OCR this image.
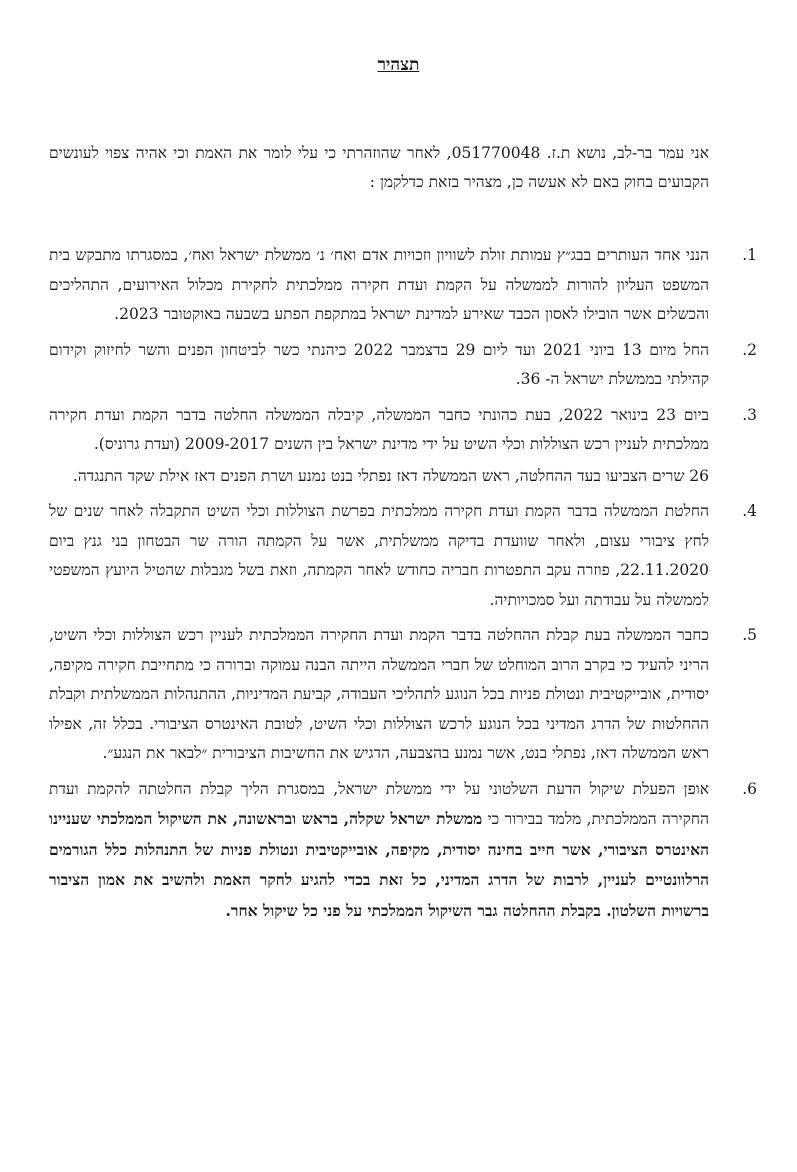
תצהיר
אני עמר בר-לב, נושא ת.ז. 051770048, לאחר שהוזהרתי כי עלי לומר את האמת וכי אהיה צפוי לעונשים הקבועים בחוק באם לא אעשה כן, מצהיר בזאת כדלקמן :
.1
הנני אחד העותרים בבג״ץ עמותת זולת לשוויון וזכויות אדם ואח׳ נ׳ ממשלת ישראל ואח׳, במסגרתו מתבקש בית המשפט העליון להורות לממשלה על הקמת ועדת חקירה ממלכתית לחקירת מכלול האירועים, התהליכים והכשלים אשר הובילו לאסון הכבד שאירע למדינת ישראל במתקפת הפתע בשבעה באוקטובר 2023.
.2
החל מיום 13 ביוני 2021 ועד ליום 29 בדצמבר 2022 כיהנתי כשר לביטחון הפנים והשר לחיזוק וקידום קהילתי בממשלת ישראל ה- 36.
.3
ביום 23 בינואר 2022, בעת כהונתי כחבר הממשלה, קיבלה הממשלה החלטה בדבר הקמת ועדת חקירה ממלכתית לעניין רכש הצוללות וכלי השיט על ידי מדינת ישראל בין השנים 2009-2017 (ועדת גרוניס).
26 שרים הצביעו בעד ההחלטה, ראש הממשלה דאז נפתלי בנט נמנע ושרת הפנים דאז אילת שקד התנגדה.
.4
החלטת הממשלה בדבר הקמת ועדת חקירה ממלכתית בפרשת הצוללות וכלי השיט התקבלה לאחר שנים של לחץ ציבורי עצום, ולאחר שוועדת בדיקה ממשלתית, אשר על הקמתה הורה שר הבטחון בני גנץ ביום 22.11.2020, פוזרה עקב התפטרות חבריה כחודש לאחר הקמתה, וזאת בשל מגבלות שהטיל היועץ המשפטי לממשלה על עבודתה ועל סמכויותיה.
.5
כחבר הממשלה בעת קבלת ההחלטה בדבר הקמת ועדת החקירה הממלכתית לעניין רכש הצוללות וכלי השיט, הריני להעיד כי בקרב הרוב המוחלט של חברי הממשלה הייתה הבנה עמוקה וברורה כי מתחייבת חקירה מקיפה, יסודית, אובייקטיבית ונטולת פניות בכל הנוגע לתהליכי העבודה, קביעת המדיניות, ההתנהלות הממשלתית וקבלת ההחלטות של הדרג המדיני בכל הנוגע לרכש הצוללות וכלי השיט, לטובת האינטרס הציבורי. בכלל זה, אפילו ראש הממשלה דאז, נפתלי בנט, אשר נמנע בהצבעה, הדגיש את החשיבות הציבורית ״לבאר את הנגע״.
.6
אופן הפעלת שיקול הדעת השלטוני על ידי ממשלת ישראל, במסגרת הליך קבלת החלטתה להקמת ועדת החקירה הממלכתית, מלמד בבירור כי ממשלת ישראל שקלה, בראש ובראשונה, את השיקול הממלכתי שעניינו האינטרס הציבורי, אשר חייב בחינה יסודית, מקיפה, אובייקטיבית ונטולת פניות של התנהלות כלל הגורמים הרלוונטיים לעניין, לרבות של הדרג המדיני, כל זאת בכדי להגיע לחקר האמת ולהשיב את אמון הציבור ברשויות השלטון. בקבלת ההחלטה גבר השיקול הממלכתי על פני כל שיקול אחר.
